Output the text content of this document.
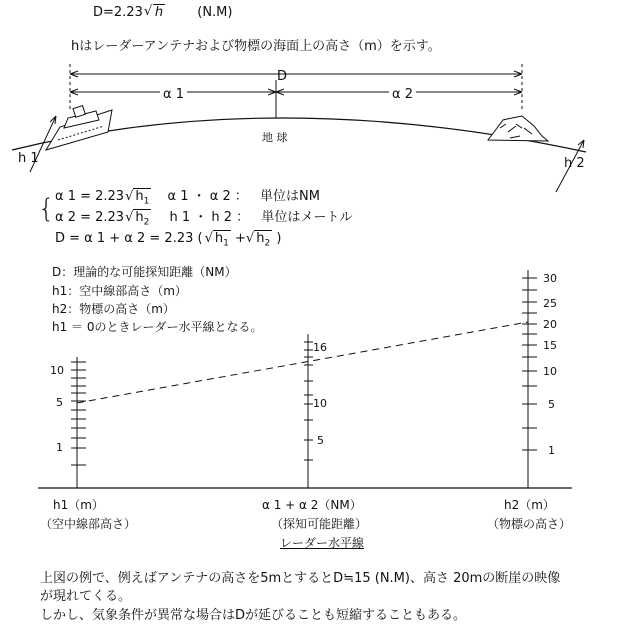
D=2.23 √ h	(N.M)
hはレーダーアンテナおよび物標の海面上の高さ（m）を示す。
D
α 1	α 2
地 球
h 1	h 2
{ α 1 = 2.23√ $h_1$ α 1 ・ α 2 ： 単位はNM
α 2 = 2.23√ $h_2$ h 1 ・ h 2 ： 単位はメートル
D = α 1 + α 2 = 2.23 ( √ $h_1$ +√ $h_2$ )
D：理論的な可能探知距離（NM）
h1：空中線部高さ（m）
h2：物標の高さ（m）
h1 ＝ 0のときレーダー水平線となる。
10
5
1
16
10
5
30
25
20
15
10
5
1
h1（m）
（空中線部高さ）
α 1 + α 2（NM）
（探知可能距離）
h2（m）
（物標の高さ）
レーダー水平線
上図の例で、例えばアンテナの高さを5mとするとD≒15 (N.M)、高さ 20mの断崖の映像
が現れてくる。
しかし、気象条件が異常な場合はDが延びることも短縮することもある。
